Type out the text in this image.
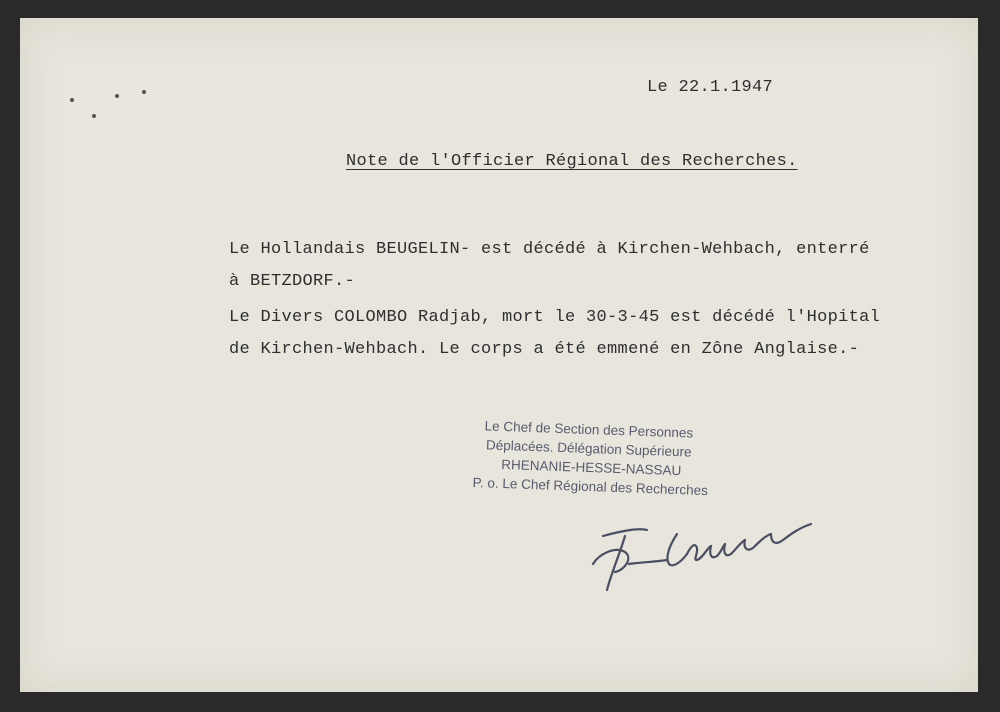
Le 22.1.1947
Note de l'Officier Régional des Recherches.
Le Hollandais BEUGELIN- est décédé à Kirchen-Wehbach, enterré
à BETZDORF.-
Le Divers COLOMBO Radjab, mort le 30-3-45 est décédé l'Hopital
de Kirchen-Wehbach. Le corps a été emmené en Zône Anglaise.-
Le Chef de Section des Personnes
Déplacées. Délégation Supérieure
RHENANIE-HESSE-NASSAU
P. o. Le Chef Régional des Recherches
